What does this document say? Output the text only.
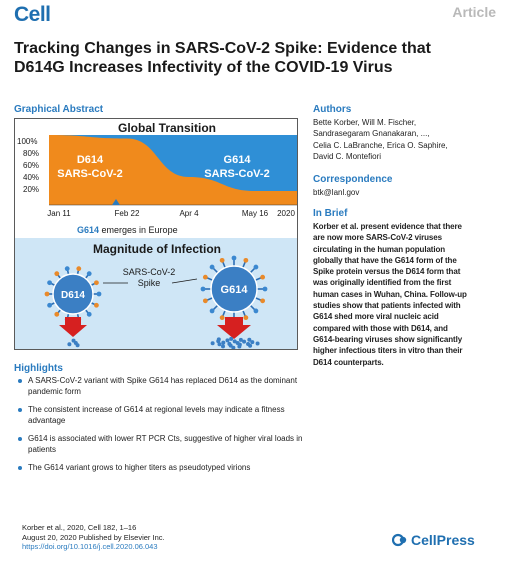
Cell	Article
Tracking Changes in SARS-CoV-2 Spike: Evidence that D614G Increases Infectivity of the COVID-19 Virus
Graphical Abstract
Global Transition
100%
80%
60%
40%
20%
D614
SARS-CoV-2
G614
SARS-CoV-2
Jan 11	Feb 22	Apr 4	May 16 2020
G614 emerges in Europe
Magnitude of Infection
D614
SARS-CoV-2
Spike
G614
Authors
Bette Korber, Will M. Fischer,
Sandrasegaram Gnanakaran, ...,
Celia C. LaBranche, Erica O. Saphire,
David C. Montefiori
Correspondence
btk@lanl.gov
In Brief
Korber et al. present evidence that there
are now more SARS-CoV-2 viruses
circulating in the human population
globally that have the G614 form of the
Spike protein versus the D614 form that
was originally identified from the first
human cases in Wuhan, China. Follow-up
studies show that patients infected with
G614 shed more viral nucleic acid
compared with those with D614, and
G614-bearing viruses show significantly
higher infectious titers in vitro than their
D614 counterparts.
Highlights
A SARS-CoV-2 variant with Spike G614 has replaced D614 as the dominant pandemic form
The consistent increase of G614 at regional levels may indicate a fitness advantage
G614 is associated with lower RT PCR Cts, suggestive of higher viral loads in patients
The G614 variant grows to higher titers as pseudotyped virions
Korber et al., 2020, Cell 182, 1–16
August 20, 2020 Published by Elsevier Inc.
https://doi.org/10.1016/j.cell.2020.06.043	CellPress
